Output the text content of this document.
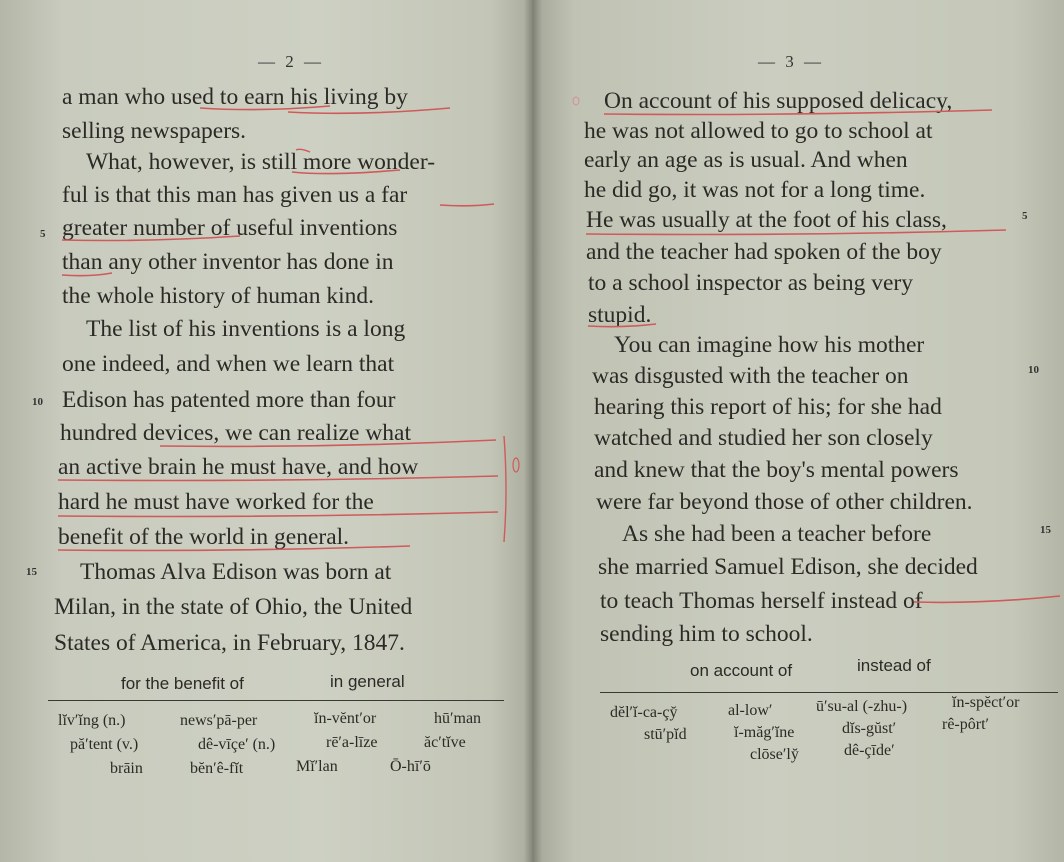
— 2 —
a man who used to earn his living by
selling newspapers.
What, however, is still more wonder-
ful is that this man has given us a far
greater number of useful inventions
than any other inventor has done in
the whole history of human kind.
The list of his inventions is a long
one indeed, and when we learn that
Edison has patented more than four
hundred devices, we can realize what
an active brain he must have, and how
hard he must have worked for the
benefit of the world in general.
Thomas Alva Edison was born at
Milan, in the state of Ohio, the United
States of America, in February, 1847.
5
10
15
for the benefit of	in general
lĭv′ĭng (n.)	news′pā-per	ĭn-vĕnt′or	hū′man
pă′tent (v.)	dê-vīçe′ (n.)	rē′a-līze	ăc′tĭve
brāin	bĕn′ê-fĭt	Mĭ′lan	Ō-hī′ō
— 3 —
On account of his supposed delicacy,
he was not allowed to go to school at
early an age as is usual. And when
he did go, it was not for a long time.
He was usually at the foot of his class,
and the teacher had spoken of the boy
to a school inspector as being very
stupid.
You can imagine how his mother
was disgusted with the teacher on
hearing this report of his; for she had
watched and studied her son closely
and knew that the boy's mental powers
were far beyond those of other children.
As she had been a teacher before
she married Samuel Edison, she decided
to teach Thomas herself instead of
sending him to school.
5
10
15
on account of	instead of
dĕl′ĭ-ca-çy̆	al-low′	ū′su-al (-zhu-)	ĭn-spĕct′or
stū′pĭd	ĭ-măg′ĭne	dĭs-gŭst′	rê-pôrt′
clōse′ly̆	dê-çīde′
